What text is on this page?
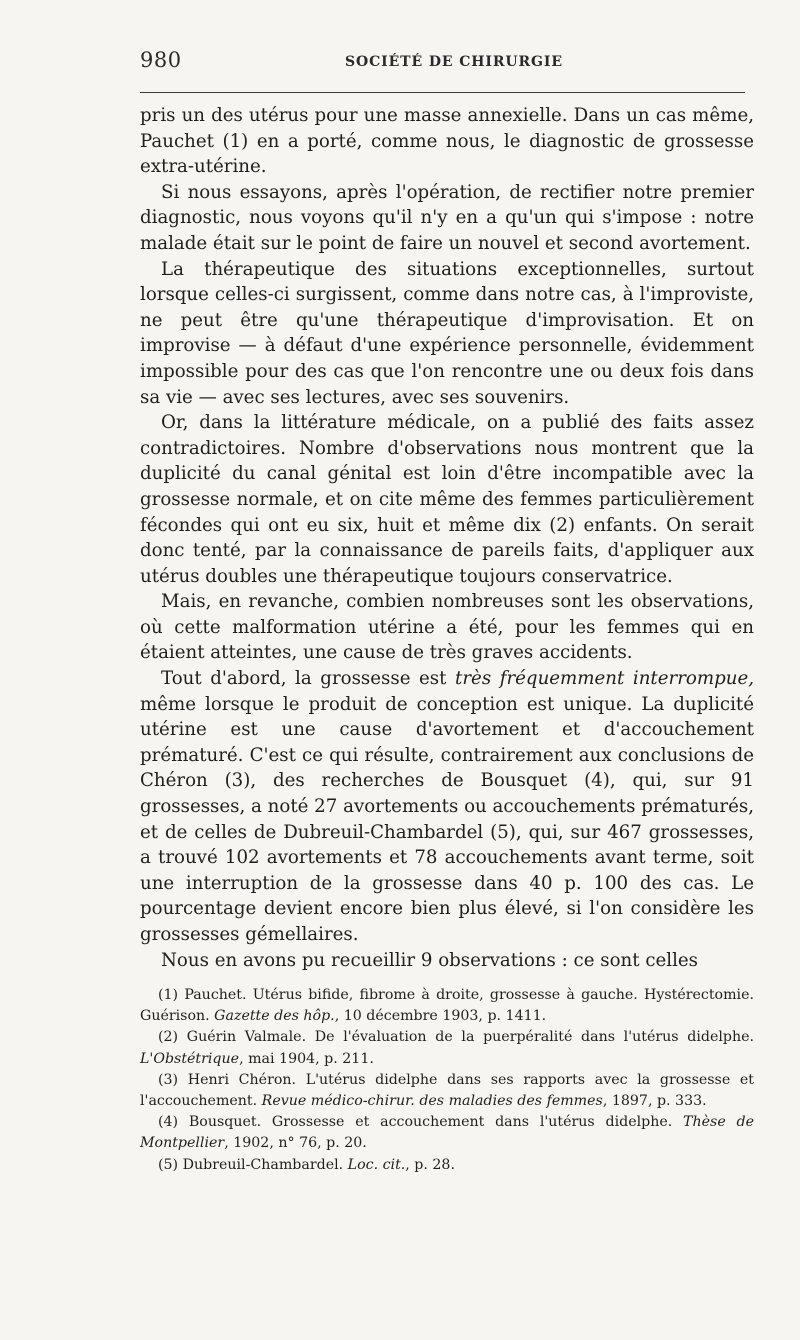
980	SOCIÉTÉ DE CHIRURGIE

pris un des utérus pour une masse annexielle. Dans un cas même, Pauchet (1) en a porté, comme nous, le diagnostic de grossesse extra-utérine.

Si nous essayons, après l'opération, de rectifier notre premier diagnostic, nous voyons qu'il n'y en a qu'un qui s'impose : notre malade était sur le point de faire un nouvel et second avortement.

La thérapeutique des situations exceptionnelles, surtout lorsque celles-ci surgissent, comme dans notre cas, à l'improviste, ne peut être qu'une thérapeutique d'improvisation. Et on improvise — à défaut d'une expérience personnelle, évidemment impossible pour des cas que l'on rencontre une ou deux fois dans sa vie — avec ses lectures, avec ses souvenirs.

Or, dans la littérature médicale, on a publié des faits assez contradictoires. Nombre d'observations nous montrent que la duplicité du canal génital est loin d'être incompatible avec la grossesse normale, et on cite même des femmes particulièrement fécondes qui ont eu six, huit et même dix (2) enfants. On serait donc tenté, par la connaissance de pareils faits, d'appliquer aux utérus doubles une thérapeutique toujours conservatrice.

Mais, en revanche, combien nombreuses sont les observations, où cette malformation utérine a été, pour les femmes qui en étaient atteintes, une cause de très graves accidents.

Tout d'abord, la grossesse est très fréquemment interrompue, même lorsque le produit de conception est unique. La duplicité utérine est une cause d'avortement et d'accouchement prématuré. C'est ce qui résulte, contrairement aux conclusions de Chéron (3), des recherches de Bousquet (4), qui, sur 91 grossesses, a noté 27 avortements ou accouchements prématurés, et de celles de Dubreuil-Chambardel (5), qui, sur 467 grossesses, a trouvé 102 avortements et 78 accouchements avant terme, soit une interruption de la grossesse dans 40 p. 100 des cas. Le pourcentage devient encore bien plus élevé, si l'on considère les grossesses gémellaires.

Nous en avons pu recueillir 9 observations : ce sont celles

(1) Pauchet. Utérus bifide, fibrome à droite, grossesse à gauche. Hystérectomie. Guérison. Gazette des hôp., 10 décembre 1903, p. 1411.

(2) Guérin Valmale. De l'évaluation de la puerpéralité dans l'utérus didelphe. L'Obstétrique, mai 1904, p. 211.

(3) Henri Chéron. L'utérus didelphe dans ses rapports avec la grossesse et l'accouchement. Revue médico-chirur. des maladies des femmes, 1897, p. 333.

(4) Bousquet. Grossesse et accouchement dans l'utérus didelphe. Thèse de Montpellier, 1902, n° 76, p. 20.

(5) Dubreuil-Chambardel. Loc. cit., p. 28.
